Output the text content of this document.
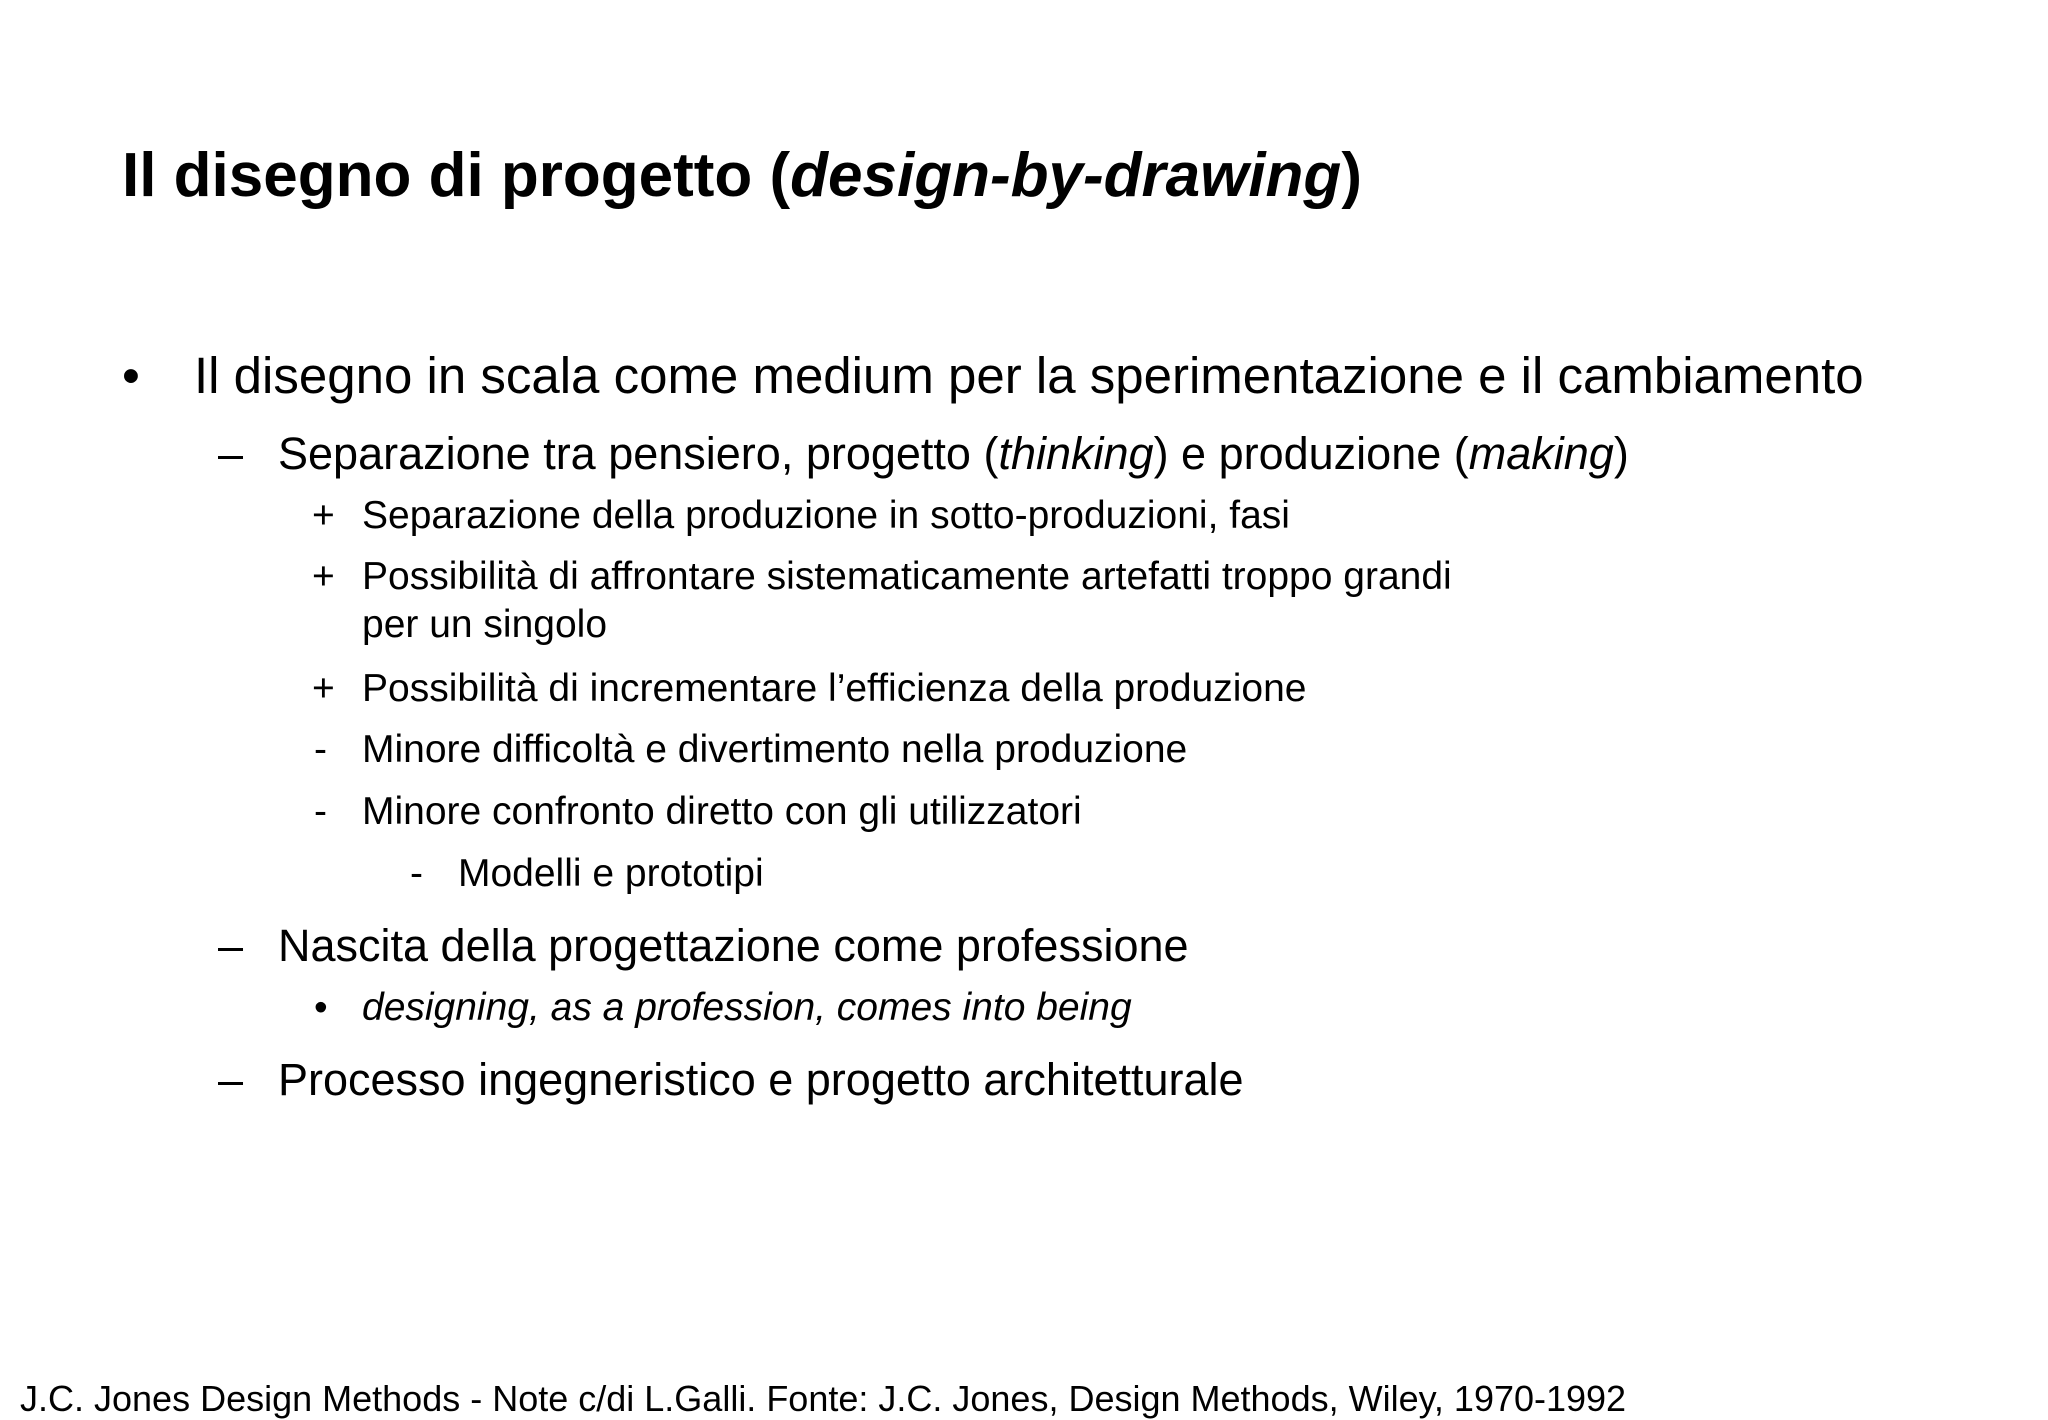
Il disegno di progetto (design-by-drawing)
• Il disegno in scala come medium per la sperimentazione e il cambiamento
– Separazione tra pensiero, progetto (thinking) e produzione (making)
+ Separazione della produzione in sotto-produzioni, fasi
+ Possibilità di affrontare sistematicamente artefatti troppo grandi
per un singolo
+ Possibilità di incrementare l’efficienza della produzione
- Minore difficoltà e divertimento nella produzione
- Minore confronto diretto con gli utilizzatori
- Modelli e prototipi
– Nascita della progettazione come professione
• designing, as a profession, comes into being
– Processo ingegneristico e progetto architetturale
J.C. Jones Design Methods - Note c/di L.Galli. Fonte: J.C. Jones, Design Methods, Wiley, 1970-1992
